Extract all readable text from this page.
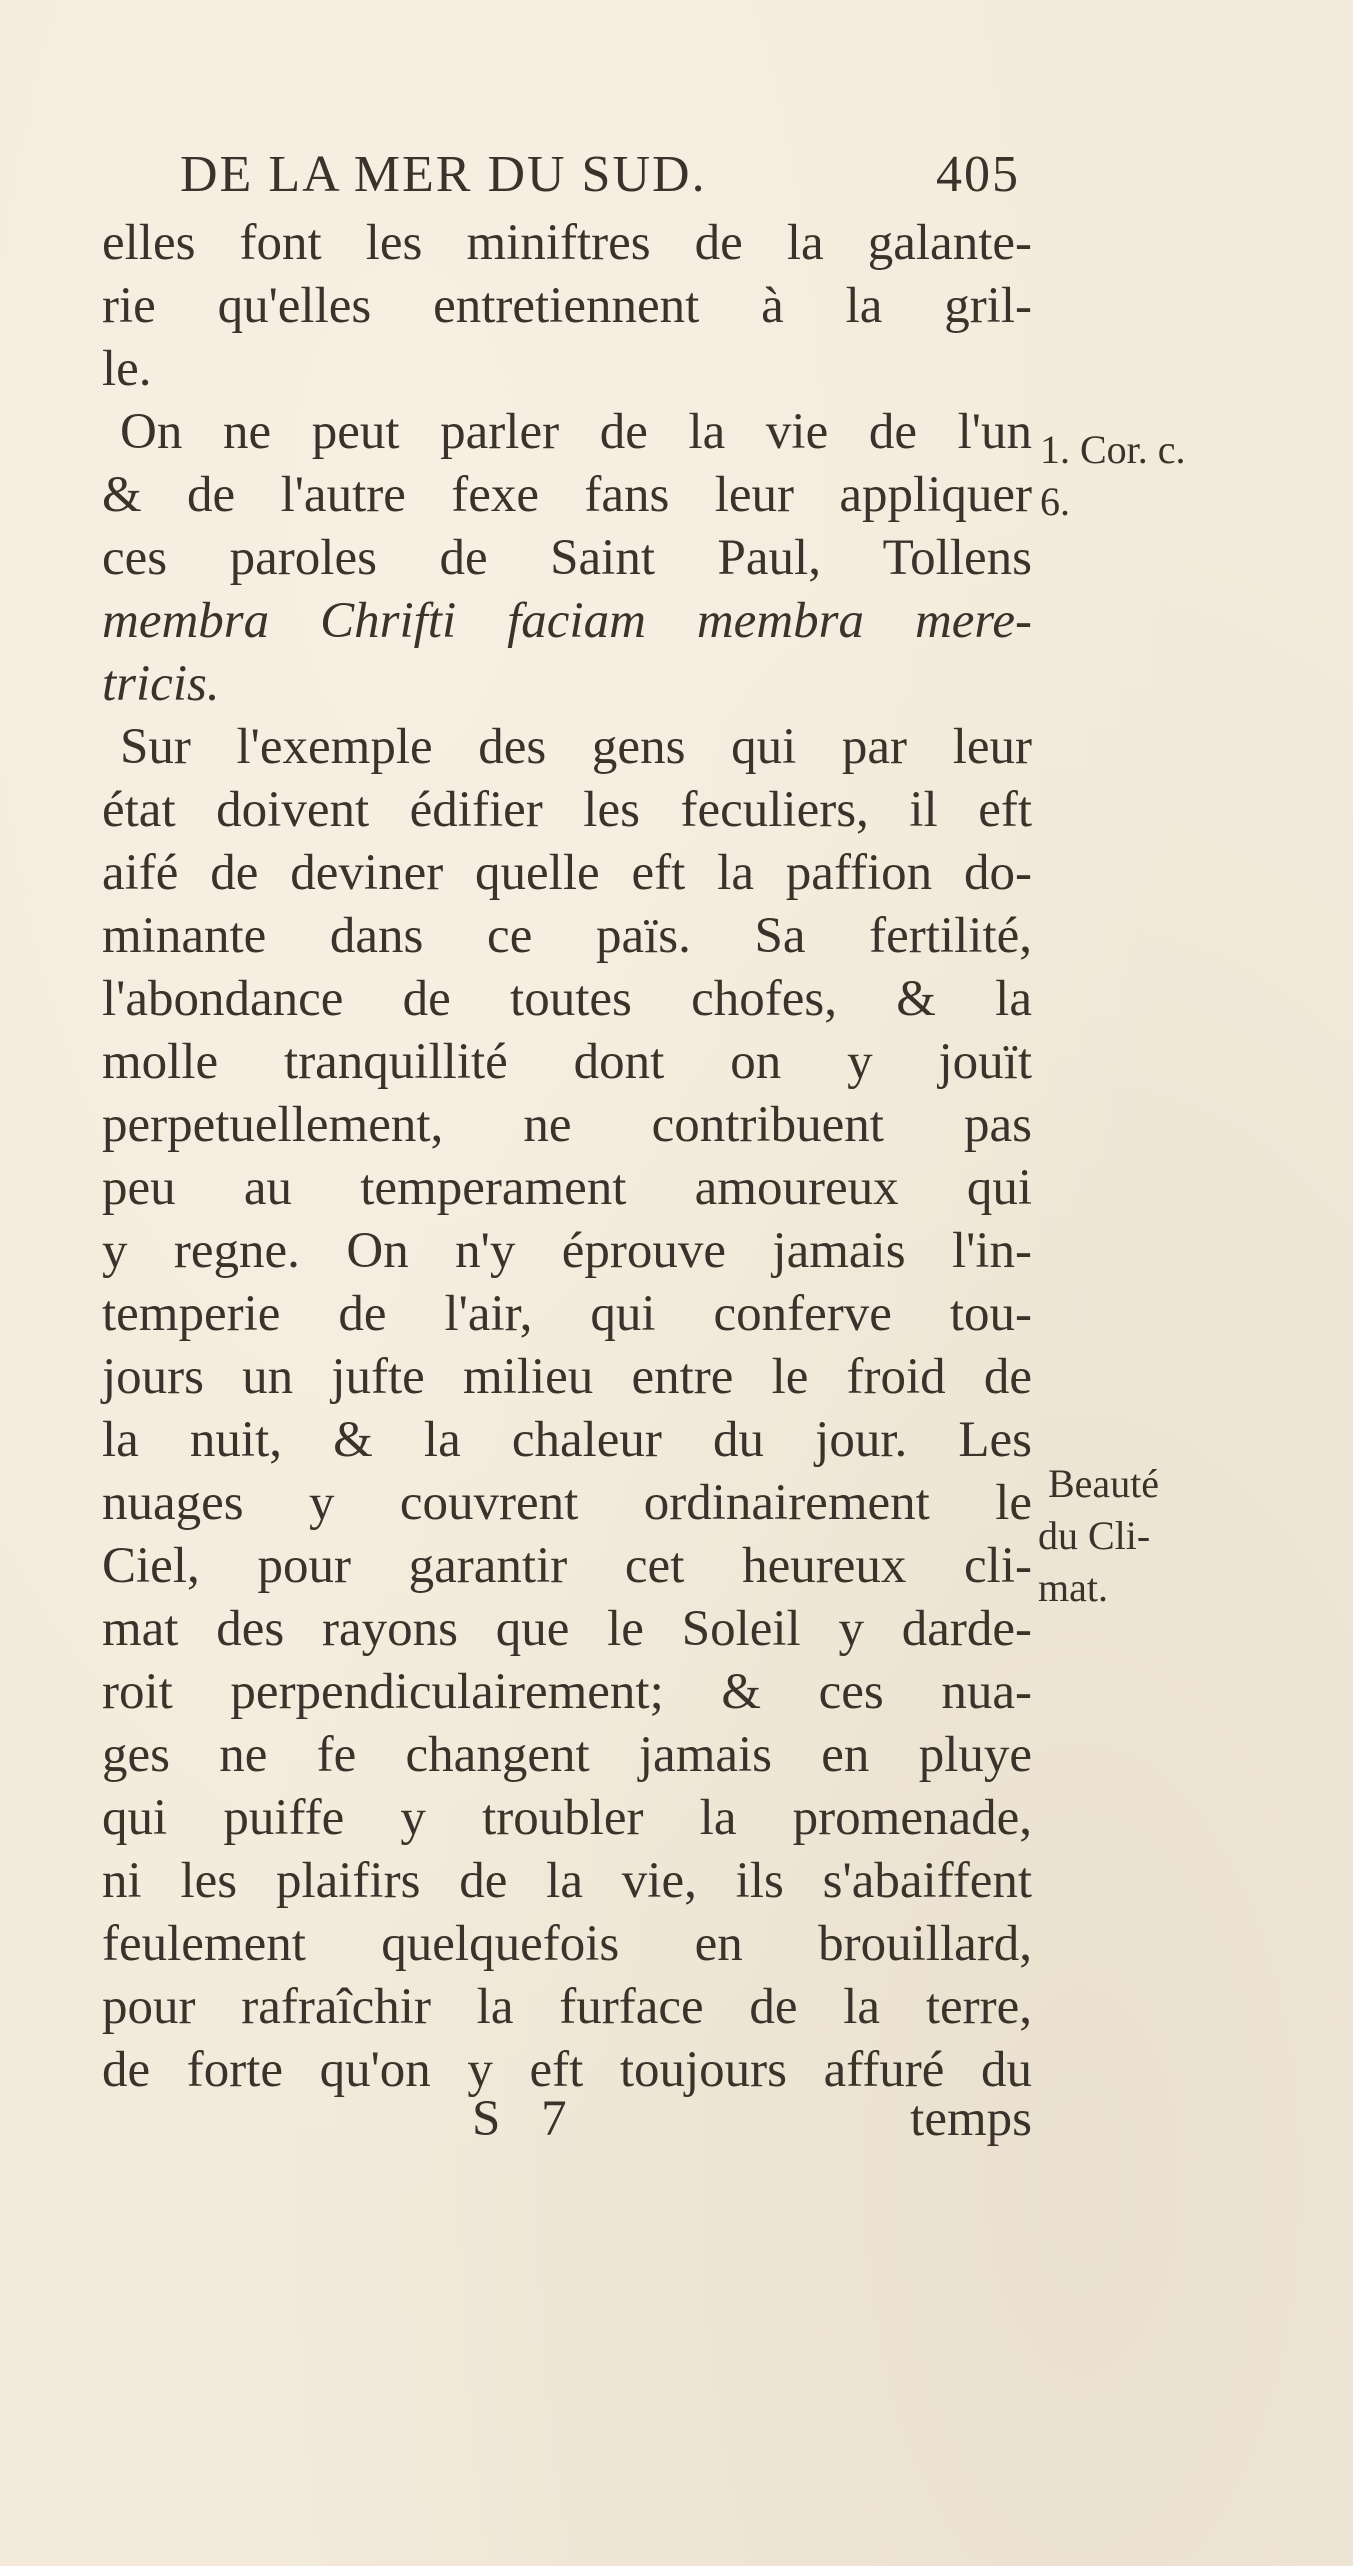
DE LA MER DU SUD.	405
elles font les miniftres de la galante-
rie qu'elles entretiennent à la gril-
le.
On ne peut parler de la vie de l'un
& de l'autre fexe fans leur appliquer
ces paroles de Saint Paul, Tollens
membra Chrifti faciam membra mere-
tricis.
Sur l'exemple des gens qui par leur
état doivent édifier les feculiers, il eft
aifé de deviner quelle eft la paffion do-
minante dans ce païs. Sa fertilité,
l'abondance de toutes chofes, & la
molle tranquillité dont on y jouït
perpetuellement, ne contribuent pas
peu au temperament amoureux qui
y regne. On n'y éprouve jamais l'in-
temperie de l'air, qui conferve tou-
jours un jufte milieu entre le froid de
la nuit, & la chaleur du jour. Les
nuages y couvrent ordinairement le
Ciel, pour garantir cet heureux cli-
mat des rayons que le Soleil y darde-
roit perpendiculairement; & ces nua-
ges ne fe changent jamais en pluye
qui puiffe y troubler la promenade,
ni les plaifirs de la vie, ils s'abaiffent
feulement quelquefois en brouillard,
pour rafraîchir la furface de la terre,
de forte qu'on y eft toujours affuré du
1. Cor. c.
6.
Beauté
du Cli-
mat.
S 7	temps
